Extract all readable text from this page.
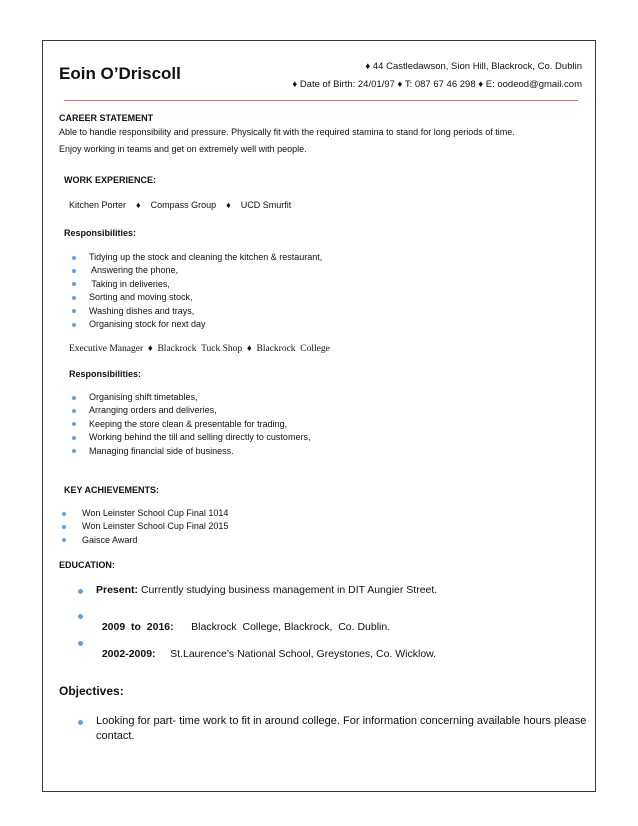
Eoin O’Driscoll	♦ 44 Castledawson, Sion Hill, Blackrock, Co. Dublin
♦ Date of Birth: 24/01/97 ♦ T: 087 67 46 298 ♦ E: oodeod@gmail.com
CAREER STATEMENT
Able to handle responsibility and pressure. Physically fit with the required stamina to stand for long periods of time.
Enjoy working in teams and get on extremely well with people.
WORK EXPERIENCE:
Kitchen Porter    ♦    Compass Group    ♦    UCD Smurfit
Responsibilities:
Tidying up the stock and cleaning the kitchen & restaurant,
Answering the phone,
Taking in deliveries,
Sorting and moving stock,
Washing dishes and trays,
Organising stock for next day
Executive Manager  ♦  Blackrock  Tuck Shop  ♦  Blackrock  College
Responsibilities:
Organising shift timetables,
Arranging orders and deliveries,
Keeping the store clean & presentable for trading,
Working behind the till and selling directly to customers,
Managing financial side of business.
KEY ACHIEVEMENTS:
Won Leinster School Cup Final 1014
Won Leinster School Cup Final 2015
Gaisce Award
EDUCATION:
Present: Currently studying business management in DIT Aungier Street.

2009  to  2016: Blackrock  College, Blackrock,  Co. Dublin.

2002-2009: St.Laurence’s National School, Greystones, Co. Wicklow.

Objectives:
Looking for part- time work to fit in around college. For information concerning available hours please contact.
